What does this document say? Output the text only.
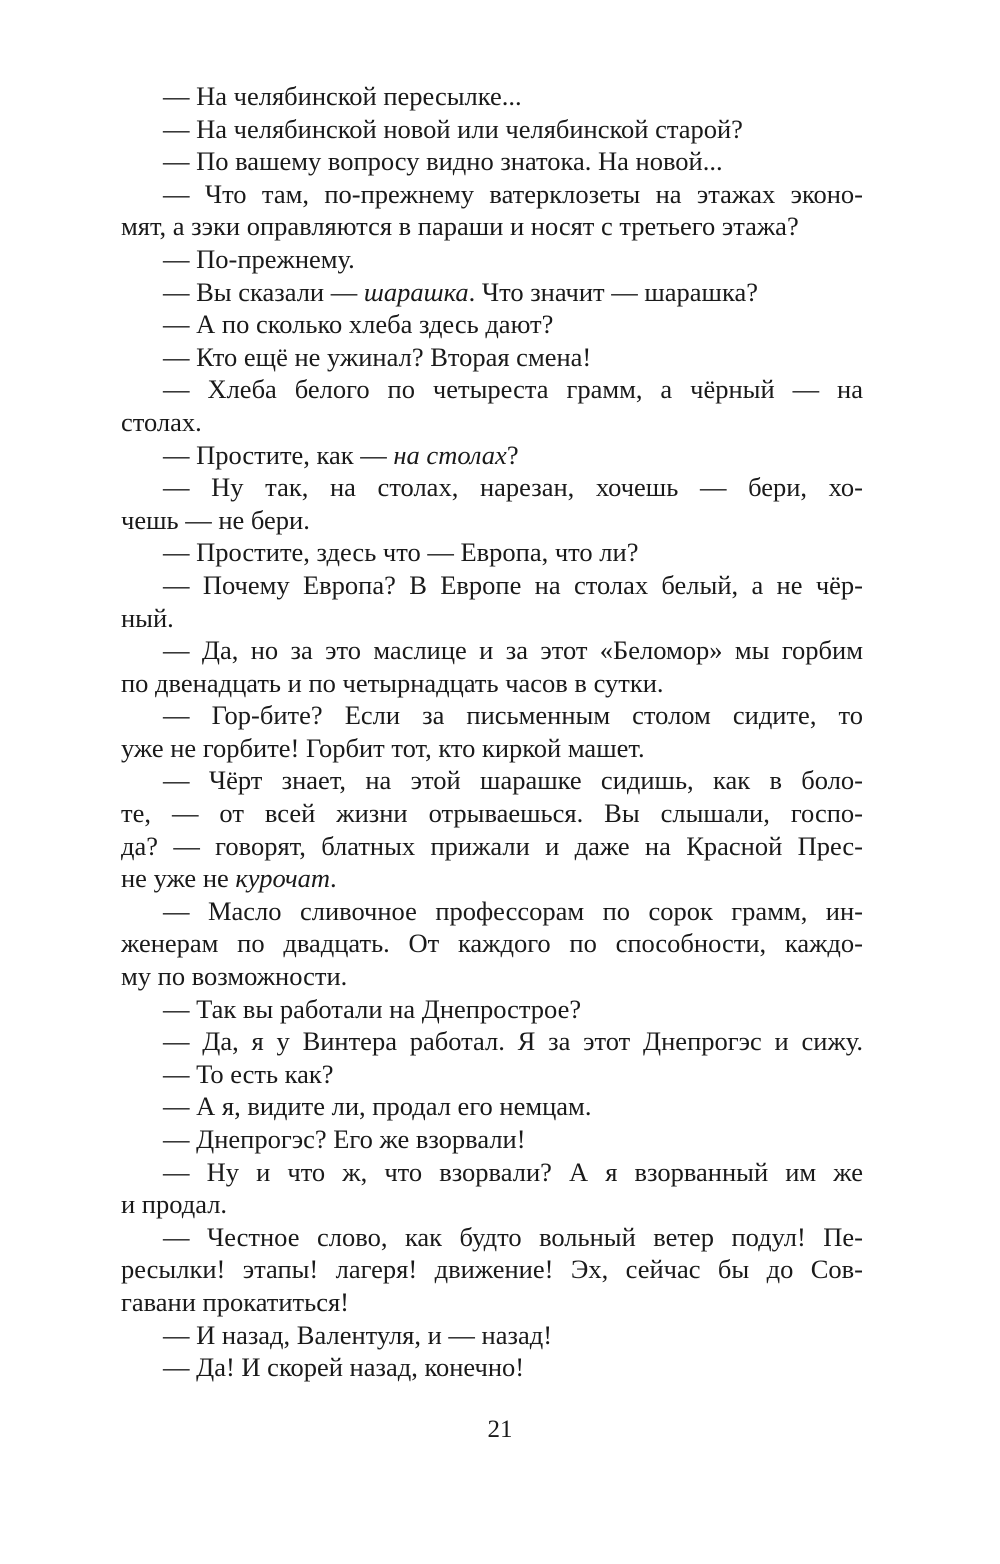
— На челябинской пересылке...
— На челябинской новой или челябинской старой?
— По вашему вопросу видно знатока. На новой...
— Что там, по-прежнему ватерклозеты на этажах эконо-
мят, а зэки оправляются в параши и носят с третьего этажа?
— По-прежнему.
— Вы сказали — шарашка. Что значит — шарашка?
— А по сколько хлеба здесь дают?
— Кто ещё не ужинал? Вторая смена!
— Хлеба белого по четыреста грамм, а чёрный — на
столах.
— Простите, как — на столах?
— Ну так, на столах, нарезан, хочешь — бери, хо-
чешь — не бери.
— Простите, здесь что — Европа, что ли?
— Почему Европа? В Европе на столах белый, а не чёр-
ный.
— Да, но за это маслице и за этот «Беломор» мы горбим
по двенадцать и по четырнадцать часов в сутки.
— Гор-бите? Если за письменным столом сидите, то
уже не горбите! Горбит тот, кто киркой машет.
— Чёрт знает, на этой шарашке сидишь, как в боло-
те, — от всей жизни отрываешься. Вы слышали, госпо-
да? — говорят, блатных прижали и даже на Красной Прес-
не уже не курочат.
— Масло сливочное профессорам по сорок грамм, ин-
женерам по двадцать. От каждого по способности, каждо-
му по возможности.
— Так вы работали на Днепрострое?
— Да, я у Винтера работал. Я за этот Днепрогэс и сижу.
— То есть как?
— А я, видите ли, продал его немцам.
— Днепрогэс? Его же взорвали!
— Ну и что ж, что взорвали? А я взорванный им же
и продал.
— Честное слово, как будто вольный ветер подул! Пе-
ресылки! этапы! лагеря! движение! Эх, сейчас бы до Сов-
гавани прокатиться!
— И назад, Валентуля, и — назад!
— Да! И скорей назад, конечно!
21
